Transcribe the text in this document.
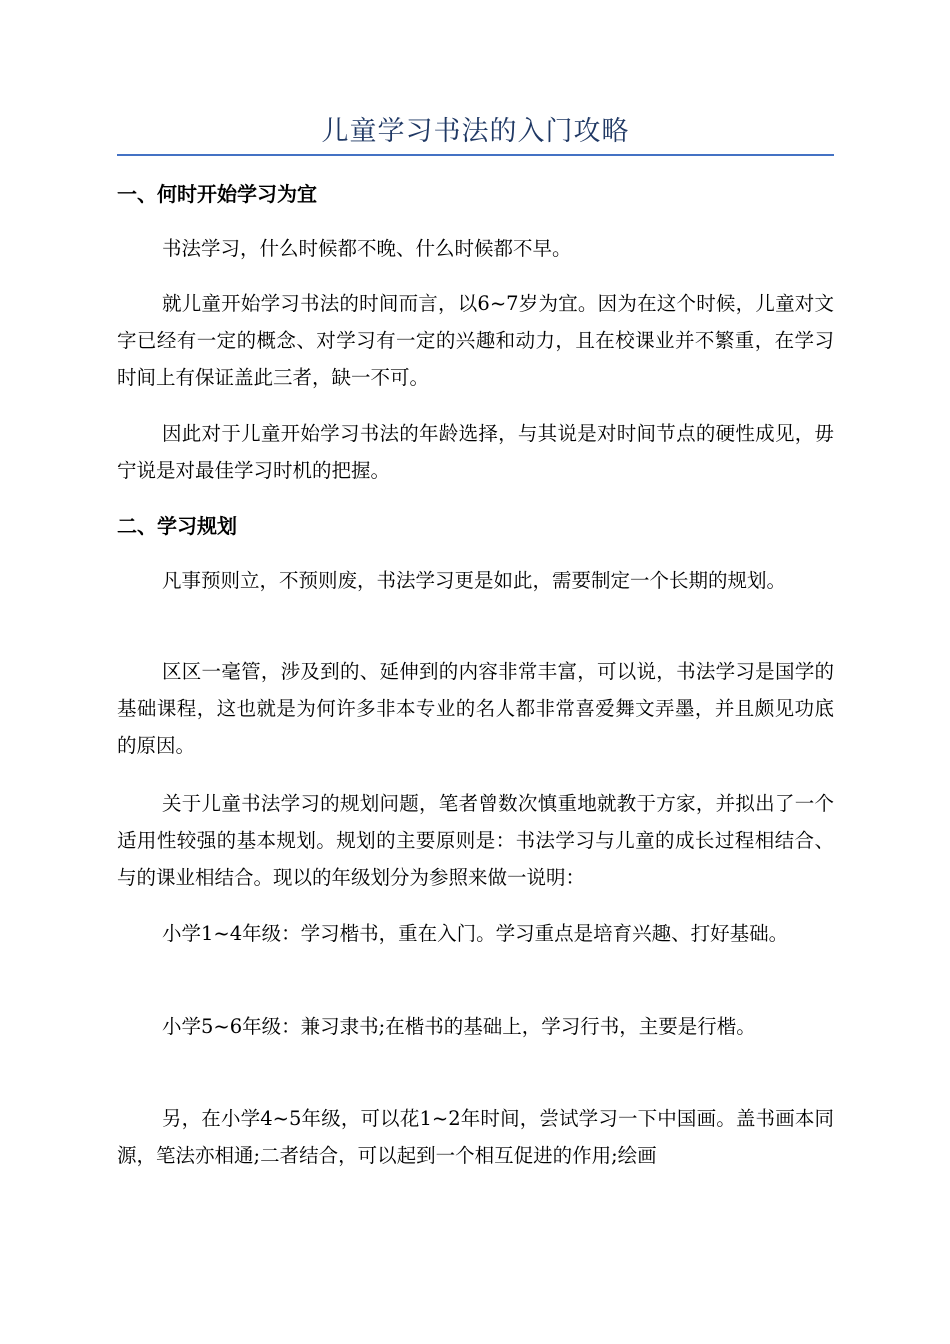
儿童学习书法的入门攻略
一、何时开始学习为宜

书法学习，什么时候都不晚、什么时候都不早。

就儿童开始学习书法的时间而言，以6~7岁为宜。因为在这个时候，儿童对文字已经有一定的概念、对学习有一定的兴趣和动力，且在校课业并不繁重，在学习时间上有保证盖此三者，缺一不可。

因此对于儿童开始学习书法的年龄选择，与其说是对时间节点的硬性成见，毋宁说是对最佳学习时机的把握。

二、学习规划

凡事预则立，不预则废，书法学习更是如此，需要制定一个长期的规划。

区区一毫管，涉及到的、延伸到的内容非常丰富，可以说，书法学习是国学的基础课程，这也就是为何许多非本专业的名人都非常喜爱舞文弄墨，并且颇见功底的原因。

关于儿童书法学习的规划问题，笔者曾数次慎重地就教于方家，并拟出了一个适用性较强的基本规划。规划的主要原则是：书法学习与儿童的成长过程相结合、与的课业相结合。现以的年级划分为参照来做一说明：

小学1~4年级：学习楷书，重在入门。学习重点是培育兴趣、打好基础。

小学5~6年级：兼习隶书;在楷书的基础上，学习行书，主要是行楷。

另，在小学4~5年级，可以花1~2年时间，尝试学习一下中国画。盖书画本同源，笔法亦相通;二者结合，可以起到一个相互促进的作用;绘画
